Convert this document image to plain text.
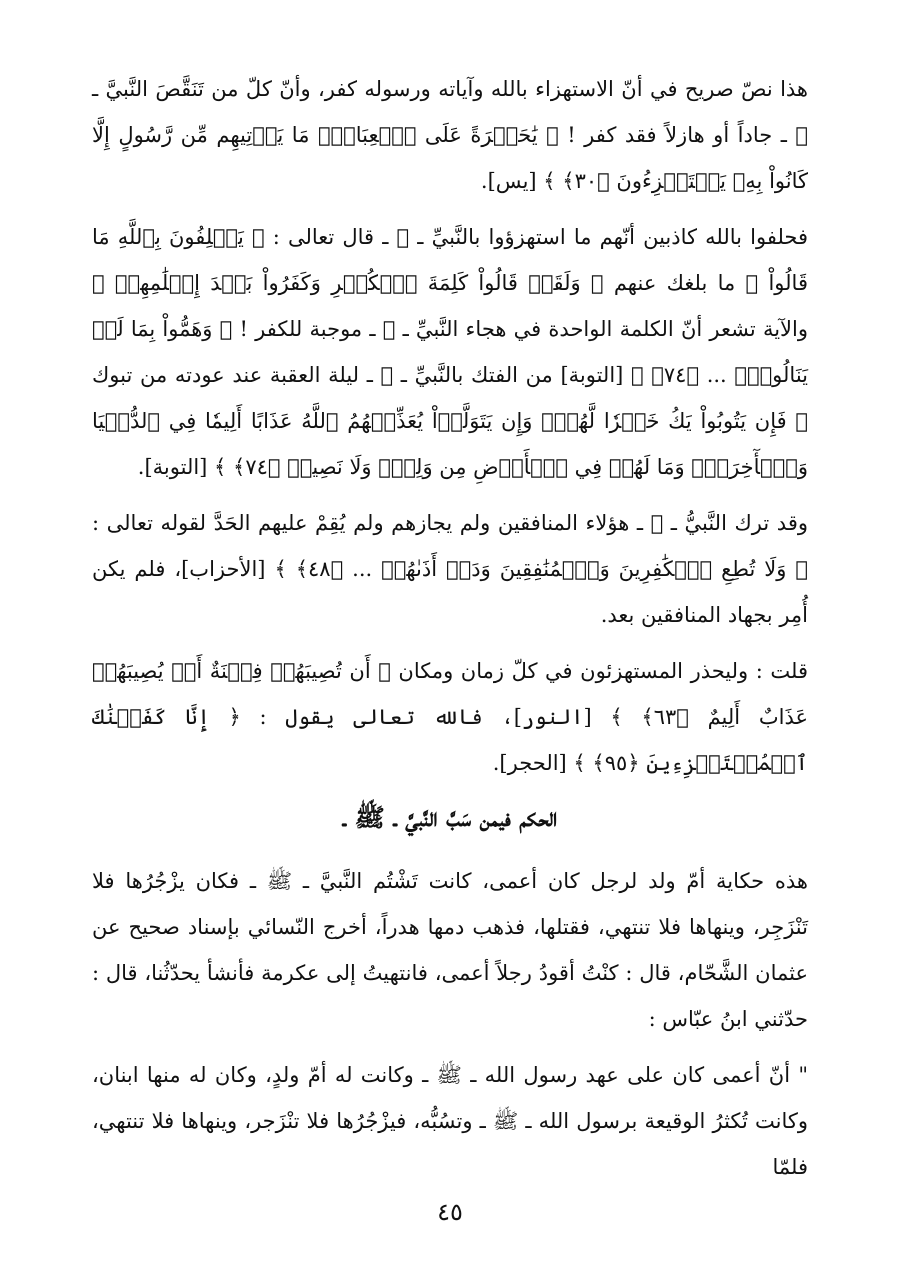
هذا نصّ صريح في أنّ الاستهزاء بالله وآياته ورسوله كفر، وأنّ كلّ من تَنَقَّصَ النَّبيَّ ـ ﷺ ـ جاداً أو هازلاً فقد كفر ! ﴿ يَٰحَسۡرَةً عَلَى ٱلۡعِبَادِۚ مَا يَأۡتِيهِم مِّن رَّسُولٍ إِلَّا كَانُواْ بِهِۦ يَسۡتَهۡزِءُونَ ﴿٣٠﴾ ﴾ [يس].

فحلفوا بالله كاذبين أنّهم ما استهزؤوا بالنَّبيِّ ـ ﷺ ـ قال تعالى : ﴿ يَحۡلِفُونَ بِٱللَّهِ مَا قَالُواْ ﴾ ما بلغك عنهم ﴿ وَلَقَدۡ قَالُواْ كَلِمَةَ ٱلۡكُفۡرِ وَكَفَرُواْ بَعۡدَ إِسۡلَٰمِهِمۡ ﴾ والآية تشعر أنّ الكلمة الواحدة في هجاء النَّبيِّ ـ ﷺ ـ موجبة للكفر ! ﴿ وَهَمُّواْ بِمَا لَمۡ يَنَالُواْۚ ... ﴿٧٤﴾ ﴾ [التوبة] من الفتك بالنَّبيِّ ـ ﷺ ـ ليلة العقبة عند عودته من تبوك ﴿ فَإِن يَتُوبُواْ يَكُ خَيۡرٗا لَّهُمۡۖ وَإِن يَتَوَلَّوۡاْ يُعَذِّبۡهُمُ ٱللَّهُ عَذَابًا أَلِيمٗا فِي ٱلدُّنۡيَا وَٱلۡأٓخِرَةِۚ وَمَا لَهُمۡ فِي ٱلۡأَرۡضِ مِن وَلِيّٖ وَلَا نَصِيرٖ ﴿٧٤﴾ ﴾ [التوبة].

وقد ترك النَّبيُّ ـ ﷺ ـ هؤلاء المنافقين ولم يجازهم ولم يُقِمْ عليهم الحَدَّ لقوله تعالى : ﴿ وَلَا تُطِعِ ٱلۡكَٰفِرِينَ وَٱلۡمُنَٰفِقِينَ وَدَعۡ أَذَىٰهُمۡ ... ﴿٤٨﴾ ﴾ [الأحزاب]، فلم يكن أُمِر بجهاد المنافقين بعد.

قلت : وليحذر المستهزئون في كلّ زمان ومكان ﴿ أَن تُصِيبَهُمۡ فِتۡنَةٌ أَوۡ يُصِيبَهُمۡ عَذَابٌ أَلِيمٌ ﴿٦٣﴾ ﴾ [النور]، فالله تعالى يقول : ﴿ إِنَّا كَفَيۡنَٰكَ ٱلۡمُسۡتَهۡزِءِينَ ﴿٩٥﴾ ﴾ [الحجر].

الحكم فيمن سَبَّ النَّبيَّ ـ ﷺ ـ

هذه حكاية أمّ ولد لرجل كان أعمى، كانت تَشْتُم النَّبيَّ ـ ﷺ ـ فكان يزْجُرُها فلا تَنْزَجِر، وينهاها فلا تنتهي، فقتلها، فذهب دمها هدراً، أخرج النّسائي بإسناد صحيح عن عثمان الشَّحّام، قال : كنْتُ أقودُ رجلاً أعمى، فانتهيتُ إلى عكرمة فأنشأ يحدّثُنا، قال : حدّثني ابنُ عبّاس :

" أنّ أعمى كان على عهد رسول الله ـ ﷺ ـ وكانت له أمّ ولدٍ، وكان له منها ابنان، وكانت تُكثرُ الوقيعة برسول الله ـ ﷺ ـ وتسُبُّه، فيزْجُرُها فلا تنْزَجر، وينهاها فلا تنتهي، فلمّا

٤٥
